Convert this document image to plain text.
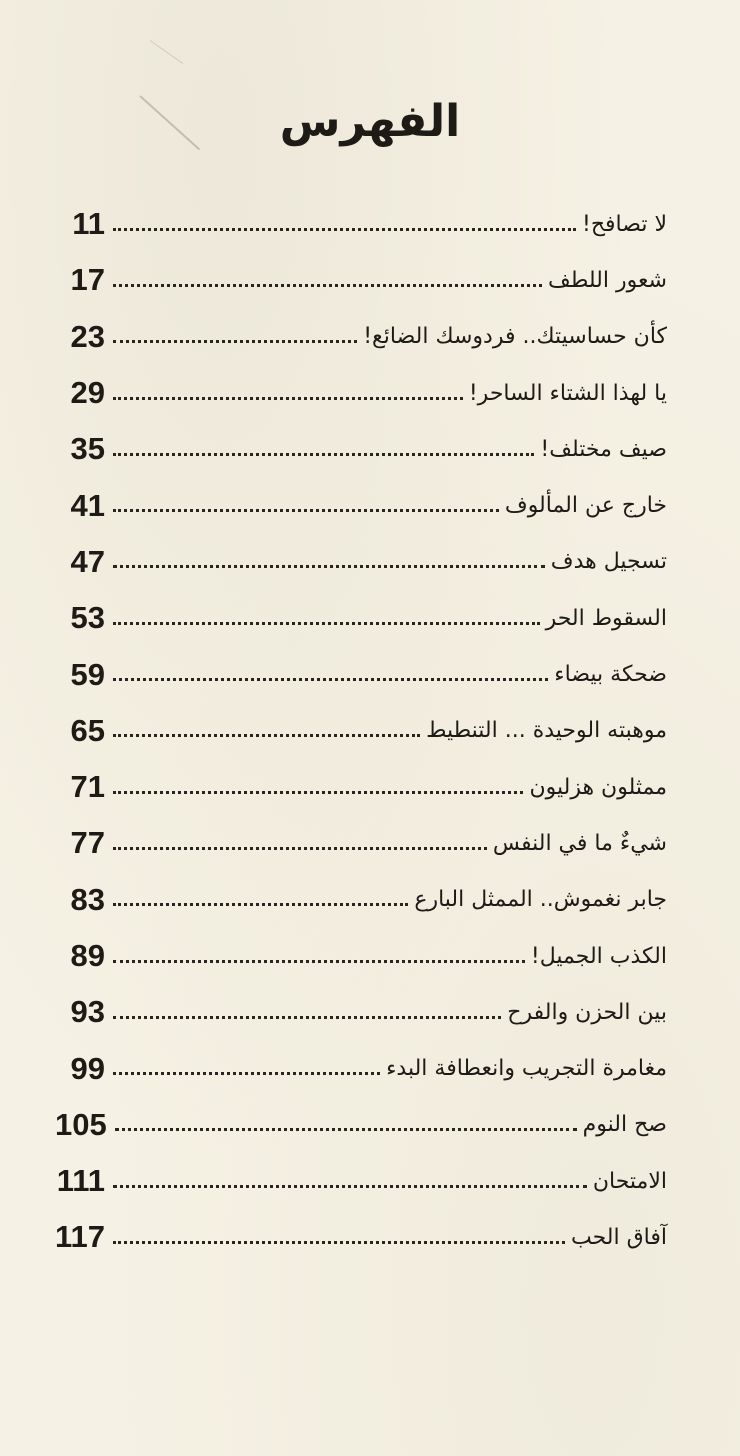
الفهرس
لا تصافح!
11
شعور اللطف
17
كأن حساسيتك.. فردوسك الضائع!
23
يا لهذا الشتاء الساحر!
29
صيف مختلف!
35
خارج عن المألوف
41
تسجيل هدف
47
السقوط الحر
53
ضحكة بيضاء
59
موهبته الوحيدة ... التنطيط
65
ممثلون هزليون
71
شيءٌ ما في النفس
77
جابر نغموش.. الممثل البارع
83
الكذب الجميل!
89
بين الحزن والفرح
93
مغامرة التجريب وانعطافة البدء
99
صح النوم
105
الامتحان
111
آفاق الحب
117
